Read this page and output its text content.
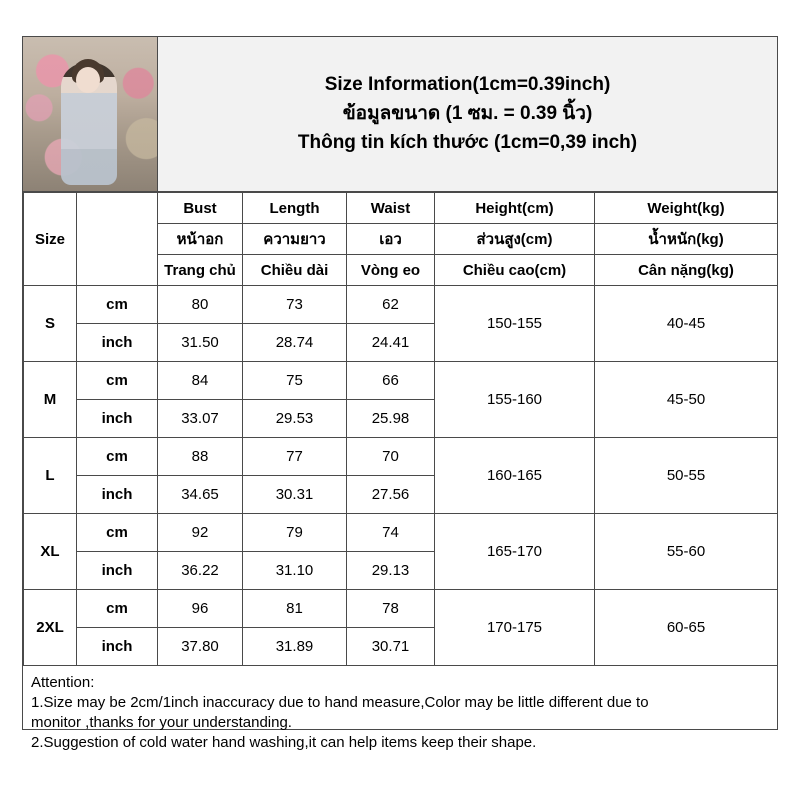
Size Information(1cm=0.39inch)
ข้อมูลขนาด (1 ซม. = 0.39 นิ้ว)
Thông tin kích thước (1cm=0,39 inch)
Size		Bust	Length	Waist	Height(cm)	Weight(kg)
		หน้าอก	ความยาว	เอว	ส่วนสูง(cm)	น้ำหนัก(kg)
		Trang chủ	Chiều dài	Vòng eo	Chiều cao(cm)	Cân nặng(kg)
S	cm	80	73	62	150-155	40-45
	inch	31.50	28.74	24.41		
M	cm	84	75	66	155-160	45-50
	inch	33.07	29.53	25.98		
L	cm	88	77	70	160-165	50-55
	inch	34.65	30.31	27.56		
XL	cm	92	79	74	165-170	55-60
	inch	36.22	31.10	29.13		
2XL	cm	96	81	78	170-175	60-65
	inch	37.80	31.89	30.71		
Attention:
1.Size may be 2cm/1inch inaccuracy due to hand measure,Color may be little different due to
monitor ,thanks for your understanding.
2.Suggestion of cold water hand washing,it can help items keep their shape.
